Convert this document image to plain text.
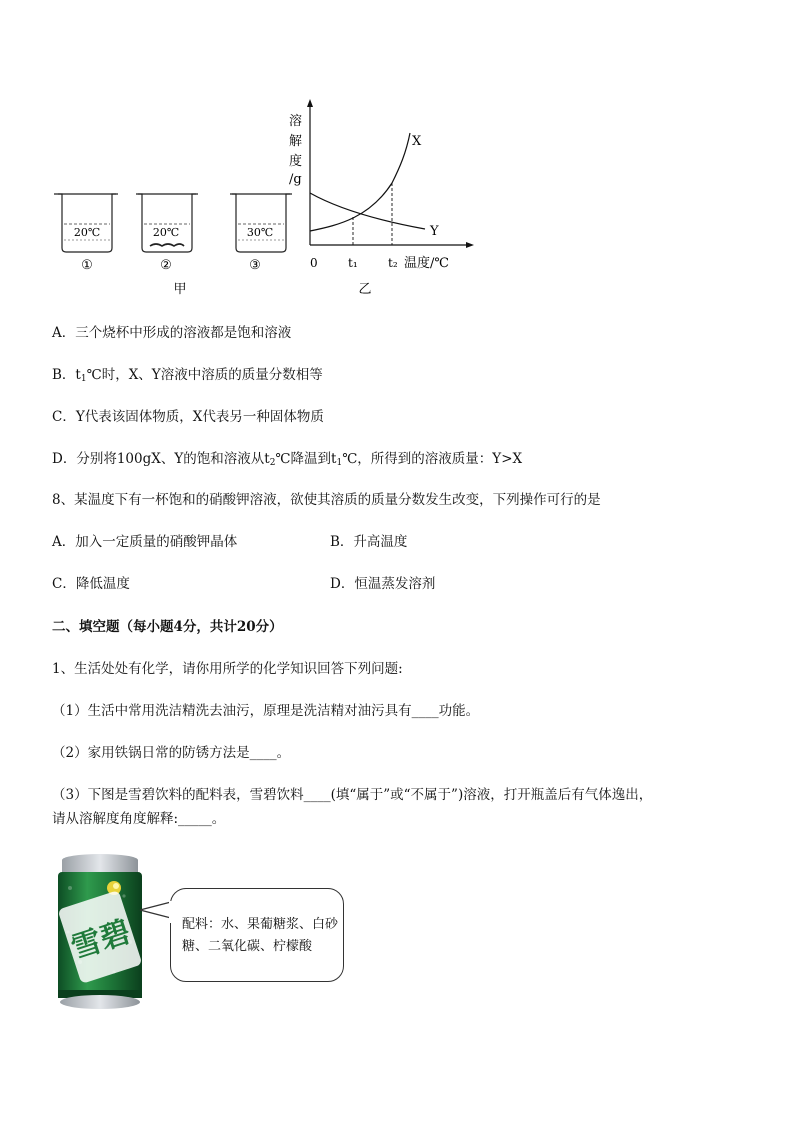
20℃
①
20℃
②
30℃
③
甲
溶
解
度
/g
X
Y
0	t₁	t₂ 温度/℃
乙
A．三个烧杯中形成的溶液都是饱和溶液
B．$t_1℃$时，X、Y溶液中溶质的质量分数相等
C．Y代表该固体物质，X代表另一种固体物质
D．分别将100gX、Y的饱和溶液从$t_2℃$降温到$t_1℃$，所得到的溶液质量：Y>X
8、某温度下有一杯饱和的硝酸钾溶液，欲使其溶质的质量分数发生改变，下列操作可行的是
A．加入一定质量的硝酸钾晶体	B．升高温度
C．降低温度	D．恒温蒸发溶剂
二、填空题（每小题4分，共计20分）
1、生活处处有化学，请你用所学的化学知识回答下列问题:
（1）生活中常用洗洁精洗去油污，原理是洗洁精对油污具有____功能。
（2）家用铁锅日常的防锈方法是____。
（3）下图是雪碧饮料的配料表，雪碧饮料____(填“属于”或“不属于”)溶液，打开瓶盖后有气体逸出，
请从溶解度角度解释:_____。
雪碧	配料：水、果葡糖浆、白砂糖、二氧化碳、柠檬酸
